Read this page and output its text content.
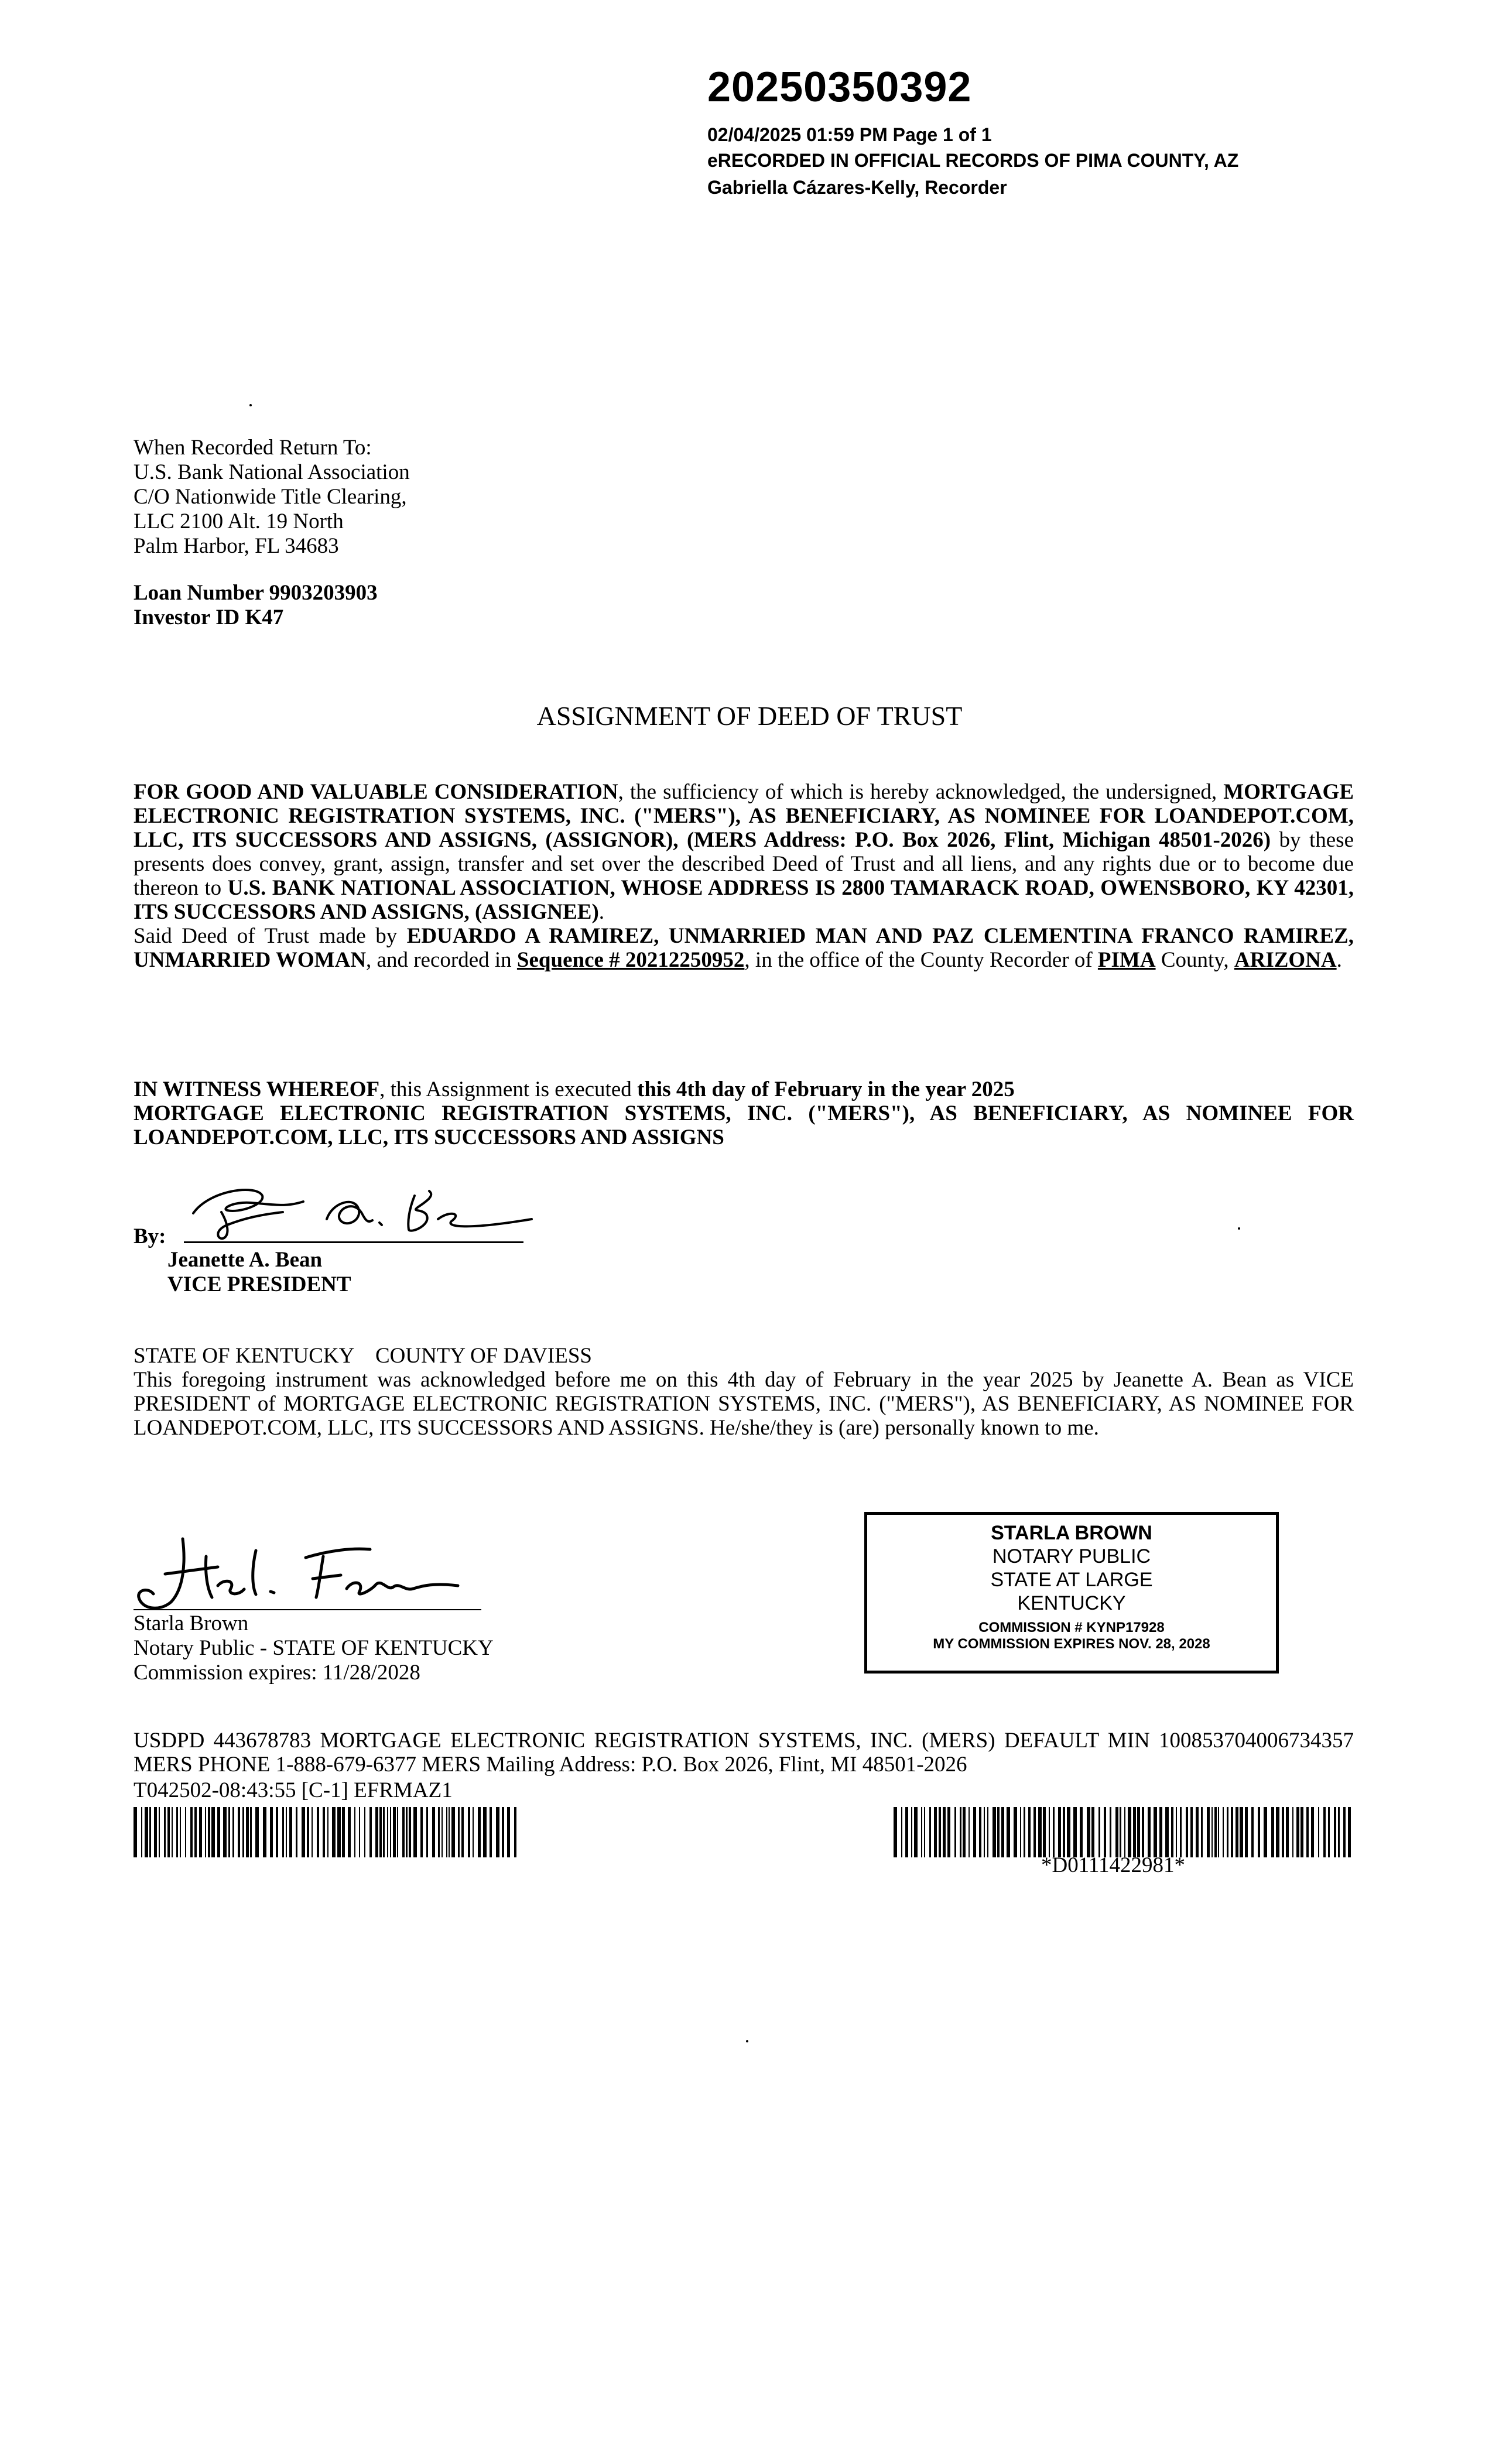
20250350392
02/04/2025 01:59 PM Page 1 of 1
eRECORDED IN OFFICIAL RECORDS OF PIMA COUNTY, AZ
Gabriella Cázares-Kelly, Recorder
When Recorded Return To:
U.S. Bank National Association
C/O Nationwide Title Clearing,
LLC 2100 Alt. 19 North
Palm Harbor, FL 34683
Loan Number 9903203903
Investor ID K47
ASSIGNMENT OF DEED OF TRUST

FOR GOOD AND VALUABLE CONSIDERATION, the sufficiency of which is hereby acknowledged, the undersigned, MORTGAGE ELECTRONIC REGISTRATION SYSTEMS, INC. ("MERS"), AS BENEFICIARY, AS NOMINEE FOR LOANDEPOT.COM, LLC, ITS SUCCESSORS AND ASSIGNS, (ASSIGNOR), (MERS Address: P.O. Box 2026, Flint, Michigan 48501-2026) by these presents does convey, grant, assign, transfer and set over the described Deed of Trust and all liens, and any rights due or to become due thereon to U.S. BANK NATIONAL ASSOCIATION, WHOSE ADDRESS IS 2800 TAMARACK ROAD, OWENSBORO, KY 42301, ITS SUCCESSORS AND ASSIGNS, (ASSIGNEE).

Said Deed of Trust made by EDUARDO A RAMIREZ, UNMARRIED MAN AND PAZ CLEMENTINA FRANCO RAMIREZ, UNMARRIED WOMAN, and recorded in Sequence # 20212250952, in the office of the County Recorder of PIMA County, ARIZONA.

IN WITNESS WHEREOF, this Assignment is executed this 4th day of February in the year 2025

MORTGAGE ELECTRONIC REGISTRATION SYSTEMS, INC. ("MERS"), AS BENEFICIARY, AS NOMINEE FOR LOANDEPOT.COM, LLC, ITS SUCCESSORS AND ASSIGNS

By:
Jeanette A. Bean
VICE PRESIDENT
STATE OF KENTUCKY    COUNTY OF DAVIESS
This foregoing instrument was acknowledged before me on this 4th day of February in the year 2025 by Jeanette A. Bean as VICE PRESIDENT of MORTGAGE ELECTRONIC REGISTRATION SYSTEMS, INC. ("MERS"), AS BENEFICIARY, AS NOMINEE FOR LOANDEPOT.COM, LLC, ITS SUCCESSORS AND ASSIGNS. He/she/they is (are) personally known to me.
Starla Brown
Notary Public - STATE OF KENTUCKY
Commission expires: 11/28/2028
STARLA BROWN
NOTARY PUBLIC
STATE AT LARGE
KENTUCKY
COMMISSION # KYNP17928
MY COMMISSION EXPIRES NOV. 28, 2028
USDPD 443678783 MORTGAGE ELECTRONIC REGISTRATION SYSTEMS, INC. (MERS) DEFAULT MIN 100853704006734357 MERS PHONE 1-888-679-6377 MERS Mailing Address: P.O. Box 2026, Flint, MI 48501-2026
T042502-08:43:55 [C-1] EFRMAZ1
*D0111422981*
